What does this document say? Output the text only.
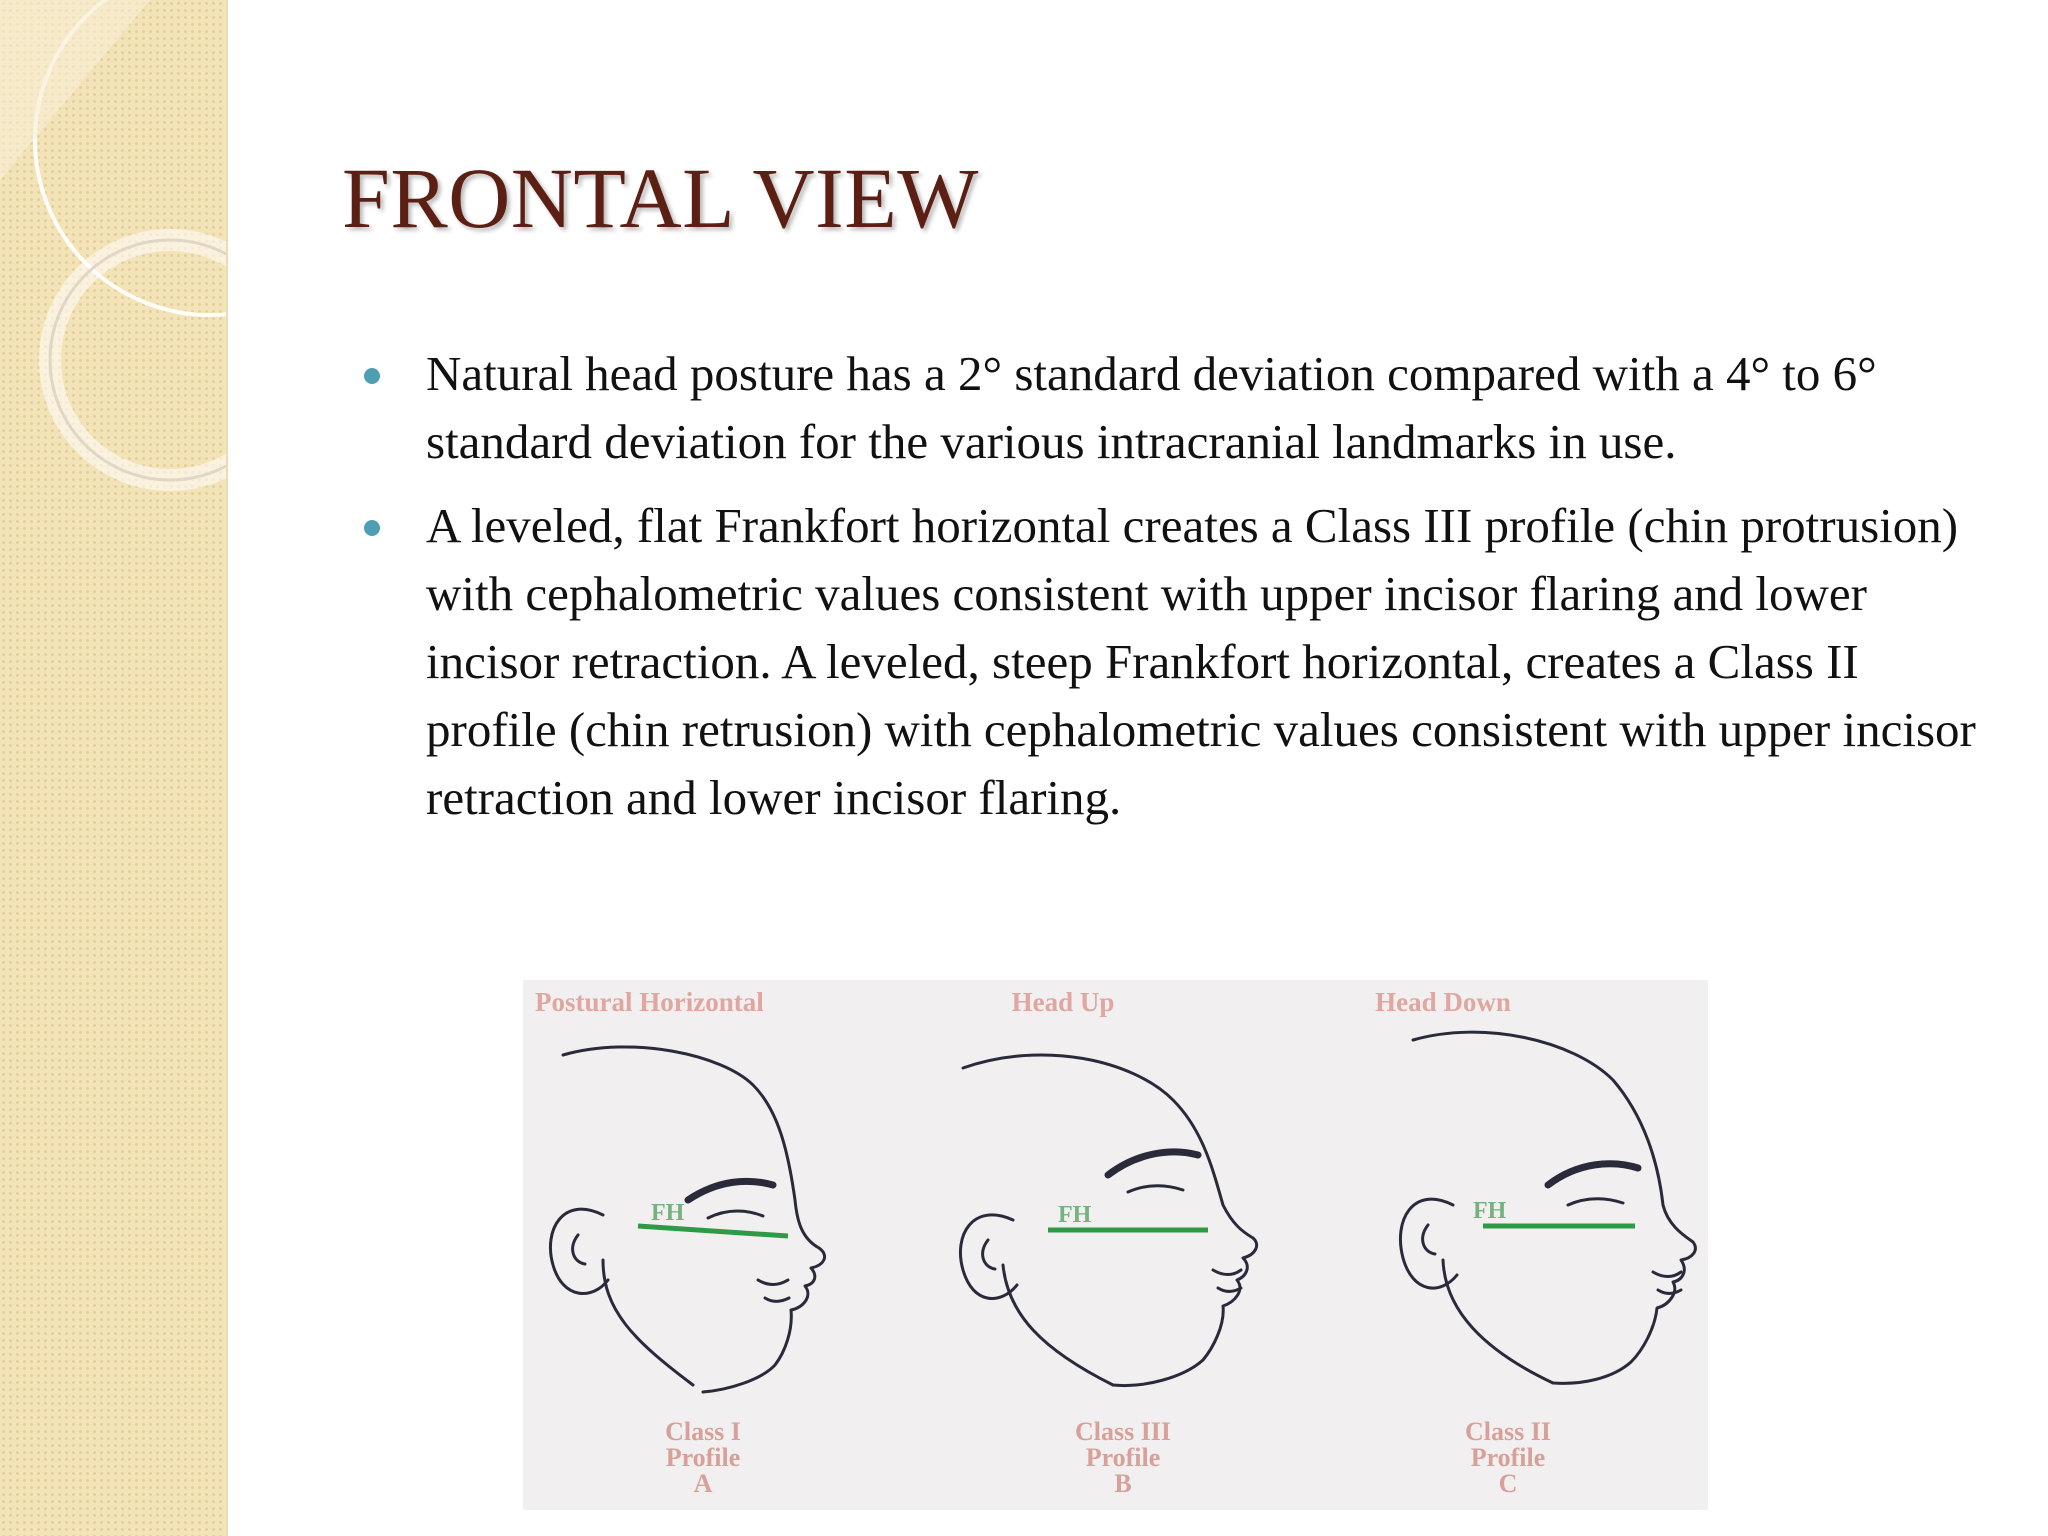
FRONTAL VIEW
Natural head posture has a 2° standard deviation compared with a 4° to 6° standard deviation for the various intracranial landmarks in use.
A leveled, flat Frankfort horizontal creates a Class III profile (chin protrusion) with cephalometric values consistent with upper incisor flaring and lower incisor retraction. A leveled, steep Frankfort horizontal, creates a Class II profile (chin retrusion) with cephalometric values consistent with upper incisor retraction and lower incisor flaring.
Postural Horizontal
FH
Class I
Profile
A
Head Up
FH
Class III
Profile
B
Head Down
FH
Class II
Profile
C
